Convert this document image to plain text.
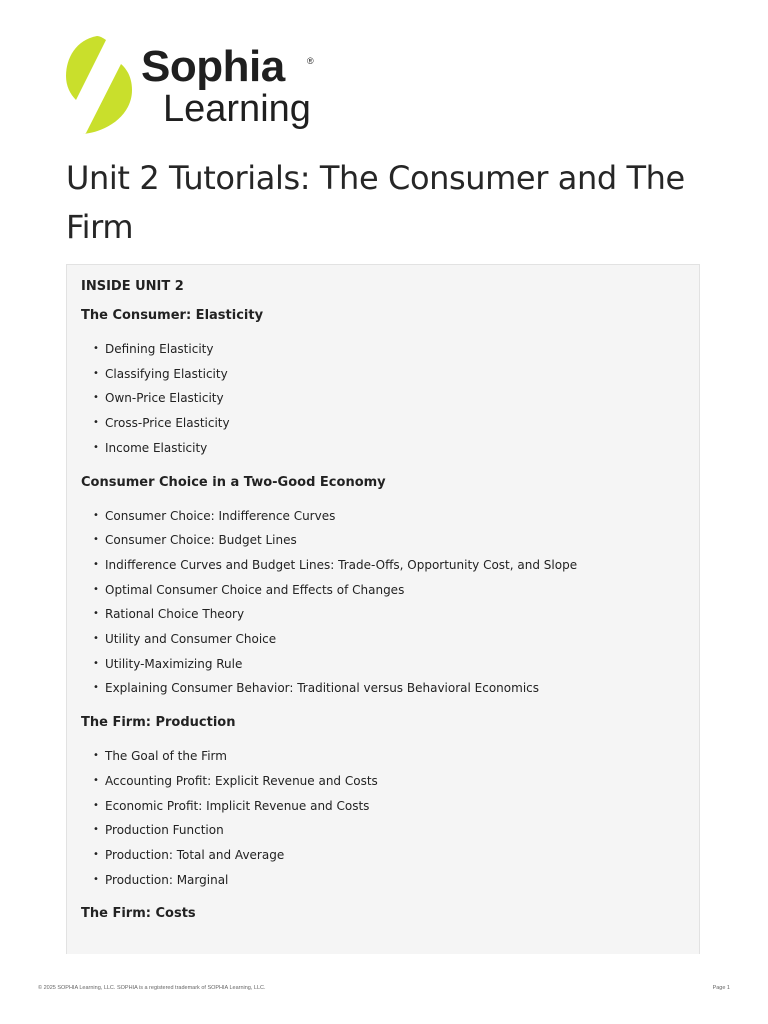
Sophia ®
Learning
Unit 2 Tutorials: The Consumer and The Firm
INSIDE UNIT 2
The Consumer: Elasticity
• Defining Elasticity
• Classifying Elasticity
• Own-Price Elasticity
• Cross-Price Elasticity
• Income Elasticity
Consumer Choice in a Two-Good Economy
• Consumer Choice: Indifference Curves
• Consumer Choice: Budget Lines
• Indifference Curves and Budget Lines: Trade-Offs, Opportunity Cost, and Slope
• Optimal Consumer Choice and Effects of Changes
• Rational Choice Theory
• Utility and Consumer Choice
• Utility-Maximizing Rule
• Explaining Consumer Behavior: Traditional versus Behavioral Economics
The Firm: Production
• The Goal of the Firm
• Accounting Profit: Explicit Revenue and Costs
• Economic Profit: Implicit Revenue and Costs
• Production Function
• Production: Total and Average
• Production: Marginal
The Firm: Costs
© 2025 SOPHIA Learning, LLC. SOPHIA is a registered trademark of SOPHIA Learning, LLC.	Page 1
